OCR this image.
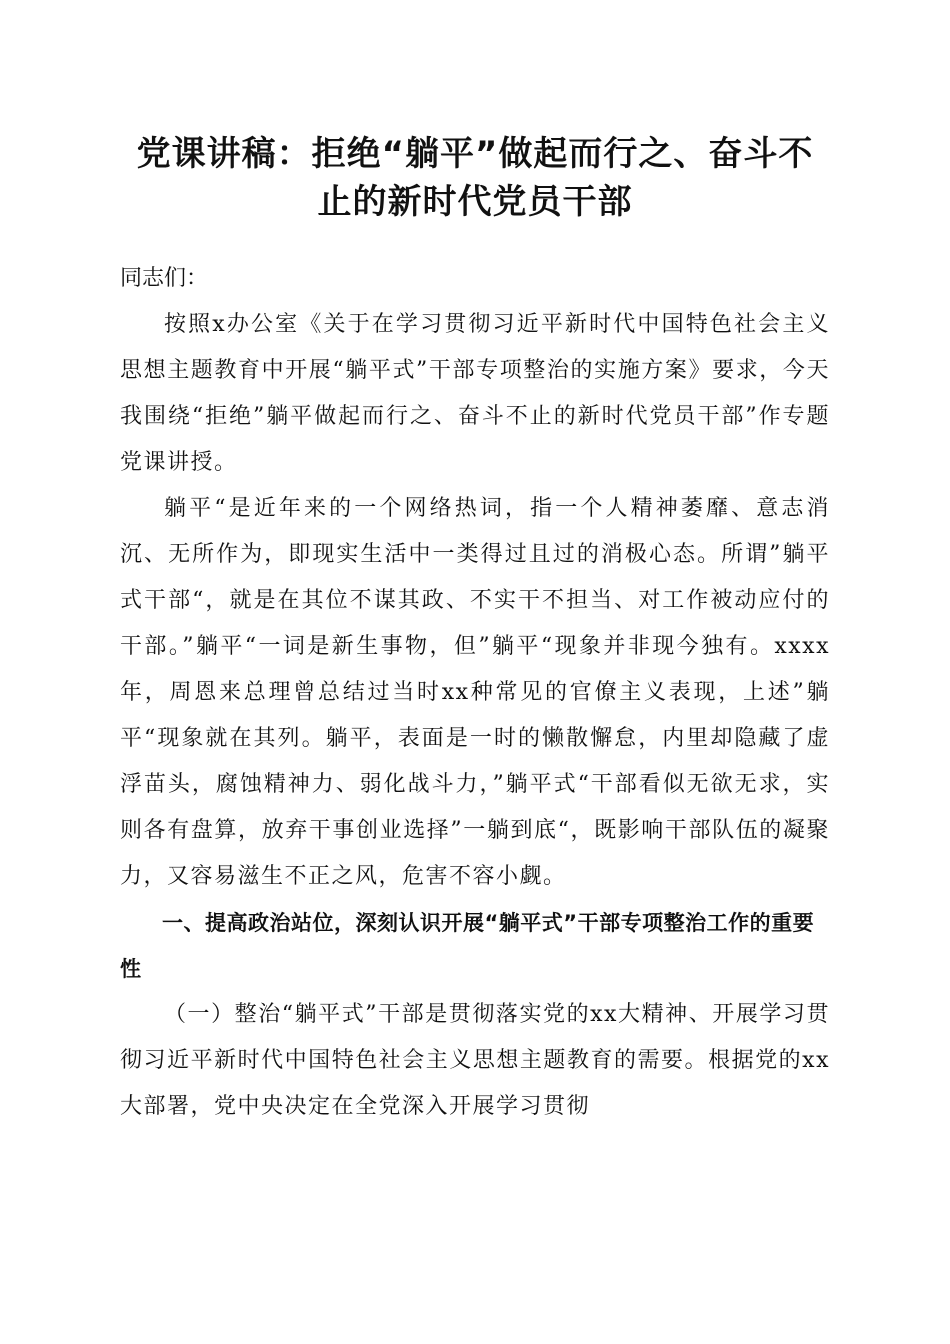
党课讲稿：拒绝“躺平”做起而行之、奋斗不止的新时代党员干部

同志们：

按照x办公室《关于在学习贯彻习近平新时代中国特色社会主义思想主题教育中开展“躺平式”干部专项整治的实施方案》要求，今天我围绕“拒绝”躺平做起而行之、奋斗不止的新时代党员干部”作专题党课讲授。

躺平“是近年来的一个网络热词，指一个人精神萎靡、意志消沉、无所作为，即现实生活中一类得过且过的消极心态。所谓”躺平式干部“，就是在其位不谋其政、不实干不担当、对工作被动应付的干部。”躺平“一词是新生事物，但”躺平“现象并非现今独有。xxxx年，周恩来总理曾总结过当时xx种常见的官僚主义表现，上述”躺平“现象就在其列。躺平，表面是一时的懒散懈怠，内里却隐藏了虚浮苗头，腐蚀精神力、弱化战斗力，”躺平式“干部看似无欲无求，实则各有盘算，放弃干事创业选择”一躺到底“，既影响干部队伍的凝聚力，又容易滋生不正之风，危害不容小觑。

一、提高政治站位，深刻认识开展“躺平式”干部专项整治工作的重要性

（一）整治“躺平式”干部是贯彻落实党的xx大精神、开展学习贯彻习近平新时代中国特色社会主义思想主题教育的需要。根据党的xx大部署，党中央决定在全党深入开展学习贯彻
